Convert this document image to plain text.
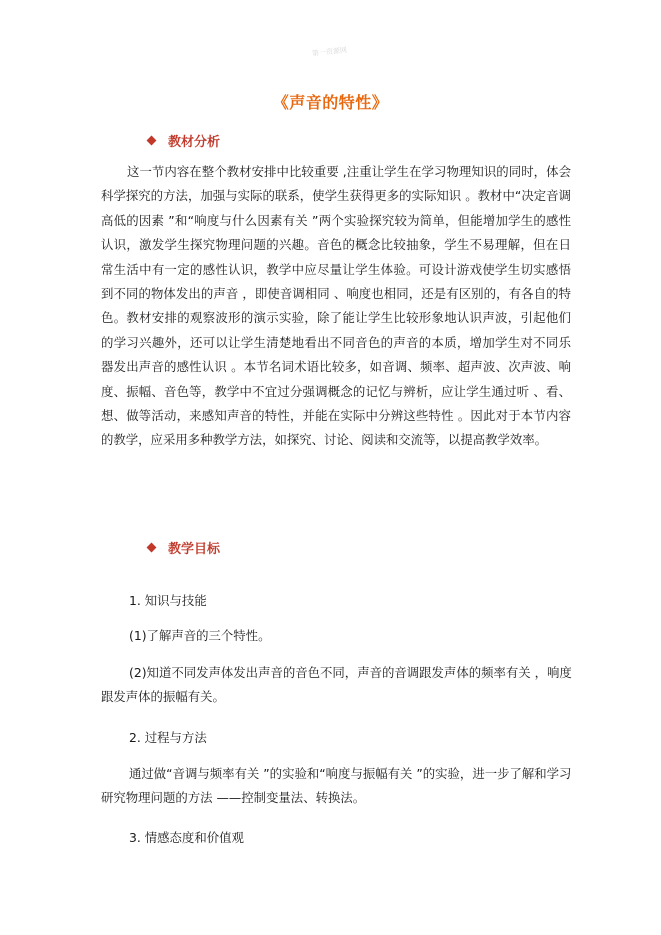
第一资源网
《声音的特性》
教材分析

这一节内容在整个教材安排中比较重要 ,注重让学生在学习物理知识的同时，体会科学探究的方法，加强与实际的联系，使学生获得更多的实际知识 。教材中“决定音调高低的因素 ”和“响度与什么因素有关 ”两个实验探究较为简单，但能增加学生的感性认识，激发学生探究物理问题的兴趣。音色的概念比较抽象，学生不易理解，但在日常生活中有一定的感性认识，教学中应尽量让学生体验。可设计游戏使学生切实感悟到不同的物体发出的声音 ，即使音调相同 、响度也相同，还是有区别的，有各自的特色。教材安排的观察波形的演示实验，除了能让学生比较形象地认识声波，引起他们的学习兴趣外，还可以让学生清楚地看出不同音色的声音的本质，增加学生对不同乐器发出声音的感性认识 。本节名词术语比较多，如音调、频率、超声波、次声波、响度、振幅、音色等，教学中不宜过分强调概念的记忆与辨析，应让学生通过听 、看、想、做等活动，来感知声音的特性，并能在实际中分辨这些特性 。因此对于本节内容的教学，应采用多种教学方法，如探究、讨论、阅读和交流等，以提高教学效率。

教学目标
1. 知识与技能
(1)了解声音的三个特性。

(2)知道不同发声体发出声音的音色不同，声音的音调跟发声体的频率有关 ，响度跟发声体的振幅有关。

2. 过程与方法

通过做“音调与频率有关 ”的实验和“响度与振幅有关 ”的实验，进一步了解和学习研究物理问题的方法 ——控制变量法、转换法。

3. 情感态度和价值观
